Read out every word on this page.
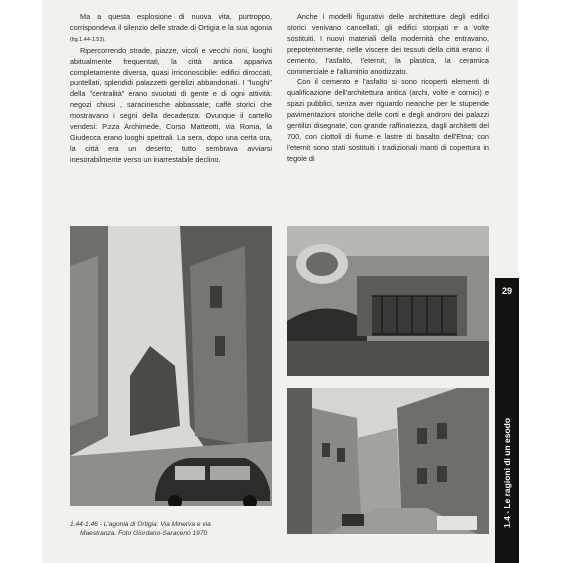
Ma a questa esplosione di nuova vita, purtroppo, corrispondeva il silenzio delle strade di Ortigia e la sua agonia (fig.1.44-1.53).

Ripercorrendo strade, piazze, vicoli e vecchi rioni, luoghi abitualmente frequentati, la città antica appariva completamente diversa, quasi irriconoscibile: edifici diroccati, puntellati, splendidi palazzetti gentilizi abbandonati. I "luoghi" della "centralità" erano svuotati di gente e di ogni attività: negozi chiusi , saracinesche abbassate; caffè storici che mostravano i segni della decadenza. Ovunque il cartello vendesi: P.zza Archimede, Corso Matteotti, via Roma, la Giudecca erano luoghi spettrali. La sera, dopo una certa ora, la città era un deserto; tutto sembrava avviarsi inesorabilmente verso un inarrestabile declino.

Anche i modelli figurativi delle architetture degli edifici storici venivano cancellati, gli edifici storpiati e a volte sostituiti. I nuovi materiali della modernità che entravano, prepotentemente, nelle viscere dei tessuti della città erano: il cemento, l'asfalto, l'eternit, la plastica, la ceramica commerciale e l'alluminio anodizzato.

Con il cemento e l'asfalto si sono ricoperti elementi di qualificazione dell'architettura antica (archi, volte e cornici) e spazi pubblici, senza aver riguardo neanche per le stupende pavimentazioni storiche delle corti e degli androni dei palazzi gentilizi disegnate, con grande raffinatezza, dagli architetti del 700, con ciottoli di fiume e lastre di basalto dell'Etna; con l'eternit sono stati sostituiti i tradizionali manti di copertura in tegole di

1.44-1.46 - L'agonia di Ortigia: Via Minerva e via
Maestranza. Foto Giordano-Saraceno 1970
29
1.4 - Le ragioni di un esodo
